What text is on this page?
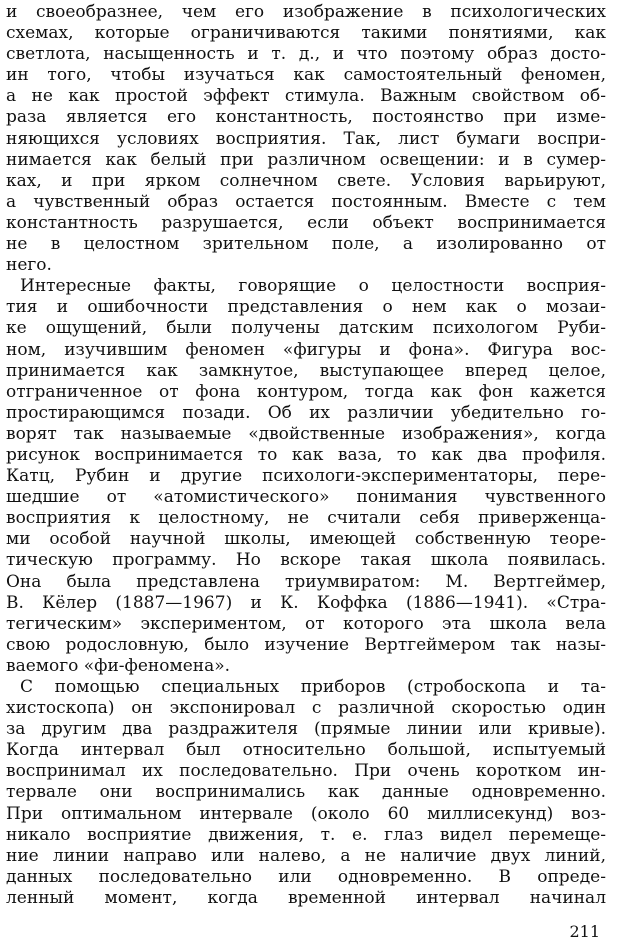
и своеобразнее, чем его изображение в психологических
схемах, которые ограничиваются такими понятиями, как
светлота, насыщенность и т. д., и что поэтому образ досто-
ин того, чтобы изучаться как самостоятельный феномен,
а не как простой эффект стимула. Важным свойством об-
раза является его константность, постоянство при изме-
няющихся условиях восприятия. Так, лист бумаги воспри-
нимается как белый при различном освещении: и в сумер-
ках, и при ярком солнечном свете. Условия варьируют,
а чувственный образ остается постоянным. Вместе с тем
константность разрушается, если объект воспринимается
не в целостном зрительном поле, а изолированно от
него.
Интересные факты, говорящие о целостности восприя-
тия и ошибочности представления о нем как о мозаи-
ке ощущений, были получены датским психологом Руби-
ном, изучившим феномен «фигуры и фона». Фигура вос-
принимается как замкнутое, выступающее вперед целое,
отграниченное от фона контуром, тогда как фон кажется
простирающимся позади. Об их различии убедительно го-
ворят так называемые «двойственные изображения», когда
рисунок воспринимается то как ваза, то как два профиля.
Катц, Рубин и другие психологи-экспериментаторы, пере-
шедшие от «атомистического» понимания чувственного
восприятия к целостному, не считали себя приверженца-
ми особой научной школы, имеющей собственную теоре-
тическую программу. Но вскоре такая школа появилась.
Она была представлена триумвиратом: М. Вертгеймер,
В. Кёлер (1887—1967) и К. Коффка (1886—1941). «Стра-
тегическим» экспериментом, от которого эта школа вела
свою родословную, было изучение Вертгеймером так назы-
ваемого «фи-феномена».
С помощью специальных приборов (стробоскопа и та-
хистоскопа) он экспонировал с различной скоростью один
за другим два раздражителя (прямые линии или кривые).
Когда интервал был относительно большой, испытуемый
воспринимал их последовательно. При очень коротком ин-
тервале они воспринимались как данные одновременно.
При оптимальном интервале (около 60 миллисекунд) воз-
никало восприятие движения, т. е. глаз видел перемеще-
ние линии направо или налево, а не наличие двух линий,
данных последовательно или одновременно. В опреде-
ленный момент, когда временной интервал начинал
211
